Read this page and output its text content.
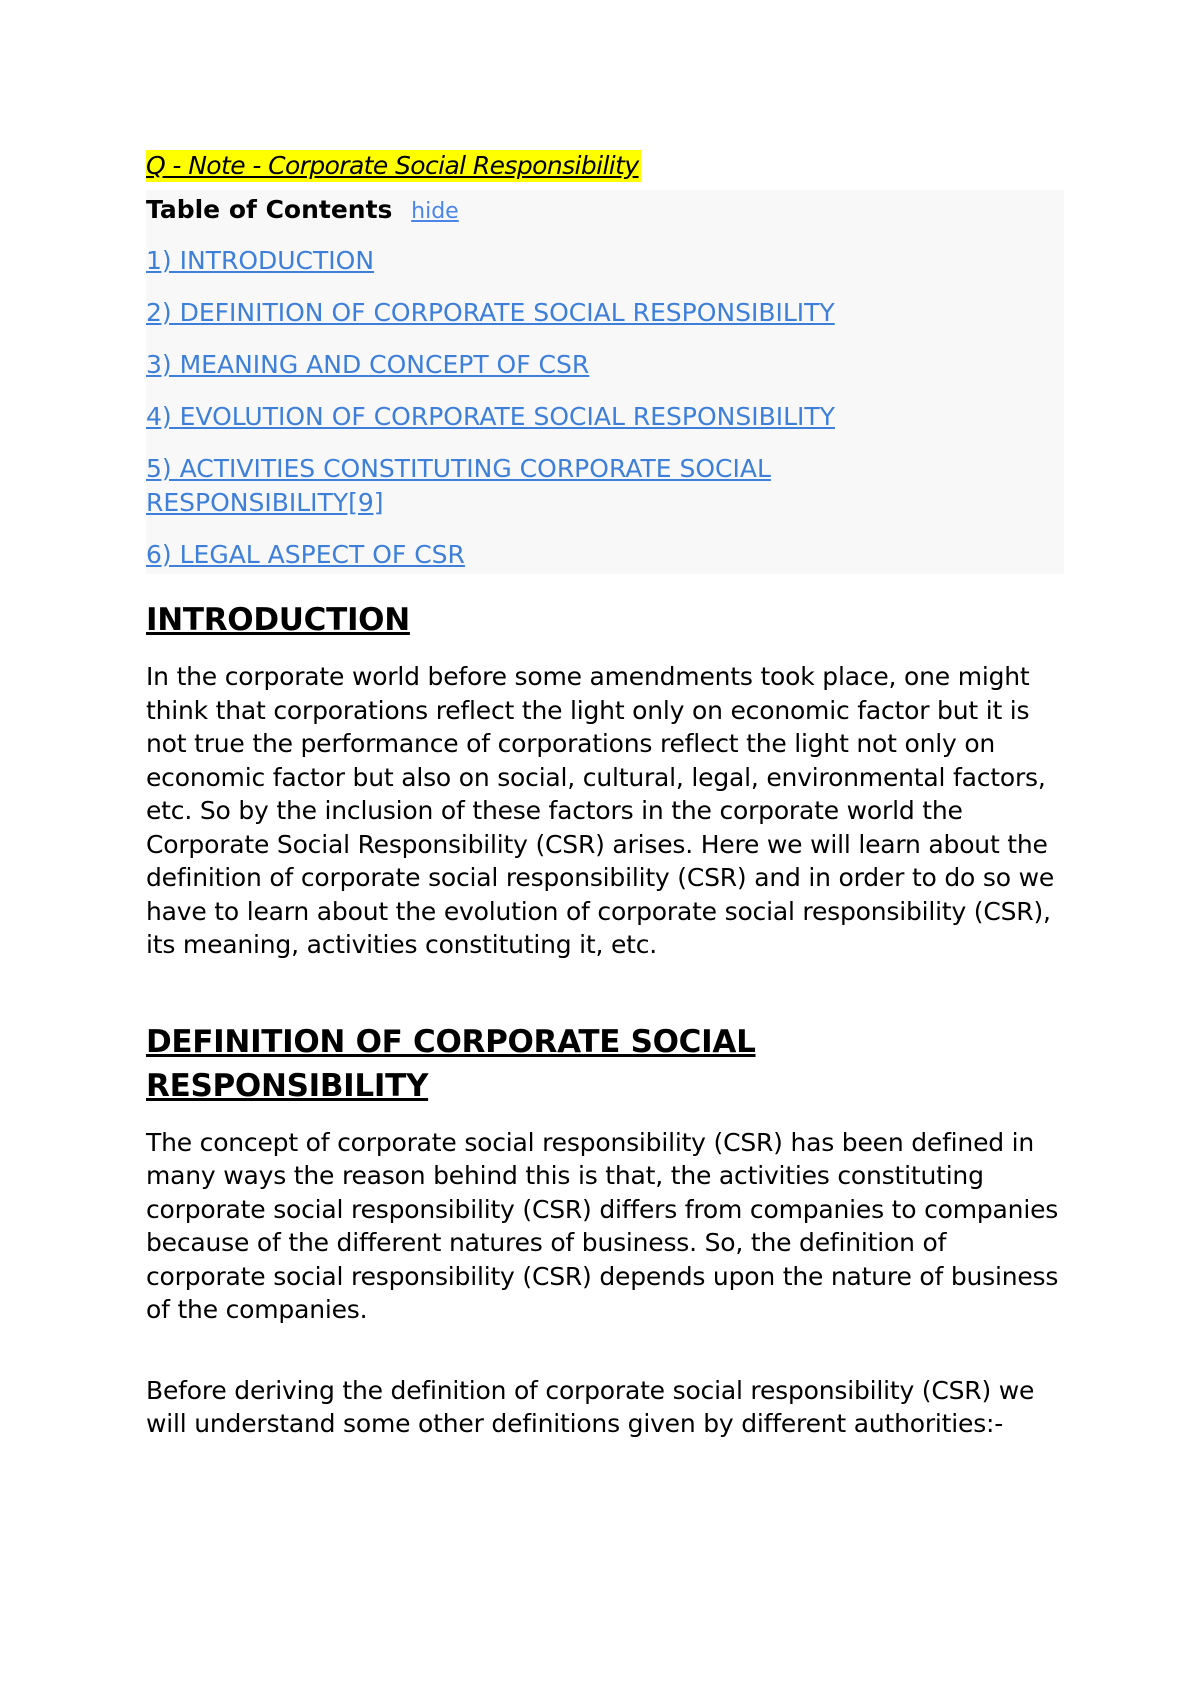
Q - Note - Corporate Social Responsibility
Table of Contents hide
1) INTRODUCTION
2) DEFINITION OF CORPORATE SOCIAL RESPONSIBILITY
3) MEANING AND CONCEPT OF CSR
4) EVOLUTION OF CORPORATE SOCIAL RESPONSIBILITY
5) ACTIVITIES CONSTITUTING CORPORATE SOCIAL RESPONSIBILITY[9]
6) LEGAL ASPECT OF CSR
INTRODUCTION

In the corporate world before some amendments took place, one might think that corporations reflect the light only on economic factor but it is not true the performance of corporations reflect the light not only on economic factor but also on social, cultural, legal, environmental factors, etc. So by the inclusion of these factors in the corporate world the Corporate Social Responsibility (CSR) arises. Here we will learn about the definition of corporate social responsibility (CSR) and in order to do so we have to learn about the evolution of corporate social responsibility (CSR), its meaning, activities constituting it, etc.

DEFINITION OF CORPORATE SOCIAL RESPONSIBILITY

The concept of corporate social responsibility (CSR) has been defined in many ways the reason behind this is that, the activities constituting corporate social responsibility (CSR) differs from companies to companies because of the different natures of business. So, the definition of corporate social responsibility (CSR) depends upon the nature of business of the companies.

Before deriving the definition of corporate social responsibility (CSR) we will understand some other definitions given by different authorities:-
